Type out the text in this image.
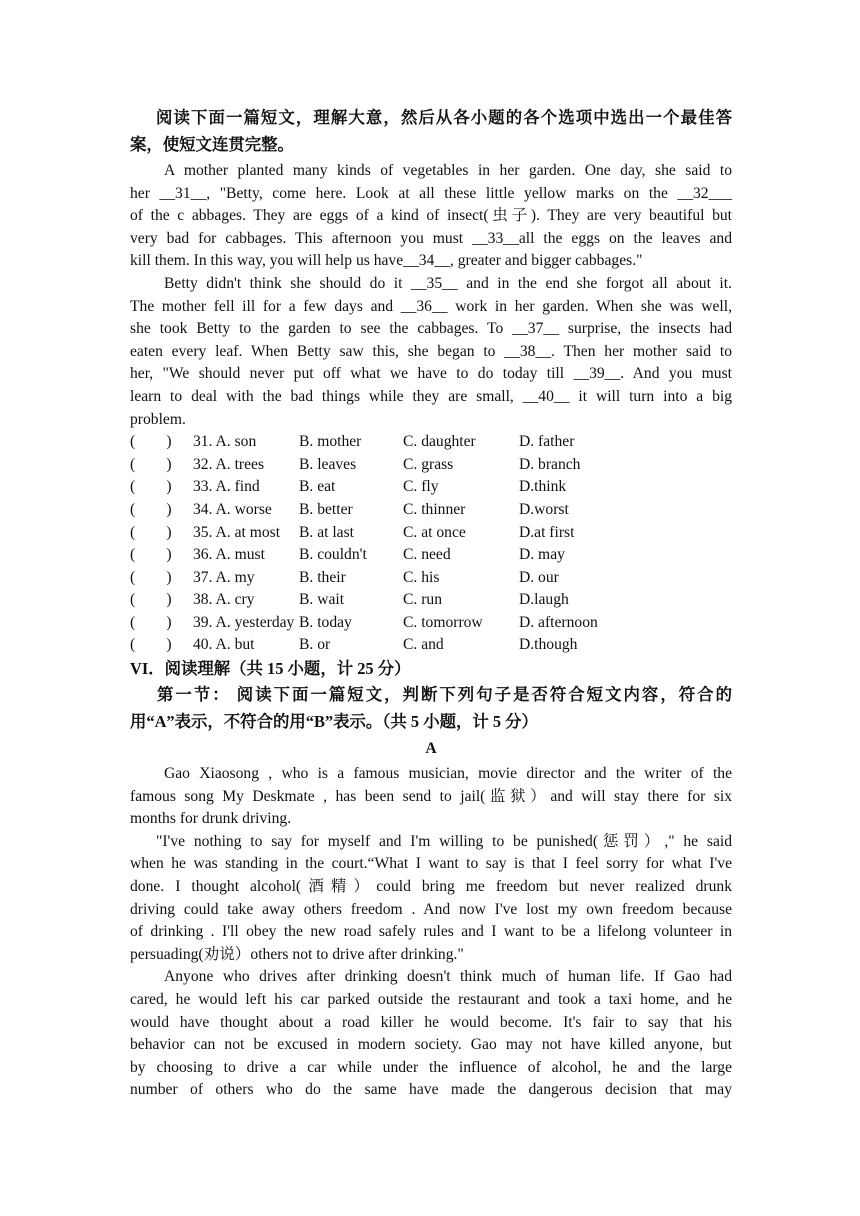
阅读下面一篇短文，理解大意，然后从各小题的各个选项中选出一个最佳答
案，使短文连贯完整。
A mother planted many kinds of vegetables in her garden. One day, she said to
her __31__, "Betty, come here. Look at all these little yellow marks on the __32___
of the c abbages. They are eggs of a kind of insect(虫子). They are very beautiful but
very bad for cabbages. This afternoon you must __33__all the eggs on the leaves and
kill them. In this way, you will help us have__34__, greater and bigger cabbages."
Betty didn't think she should do it __35__ and in the end she forgot all about it.
The mother fell ill for a few days and __36__ work in her garden. When she was well,
she took Betty to the garden to see the cabbages. To __37__ surprise, the insects had
eaten every leaf. When Betty saw this, she began to __38__. Then her mother said to
her, "We should never put off what we have to do today till __39__. And you must
learn to deal with the bad things while they are small, __40__ it will turn into a big
problem.
(　　)	31. A. son	B. mother	C. daughter	D. father
(　　)	32. A. trees	B. leaves	C. grass	D. branch
(　　)	33. A. find	B. eat	C. fly	D.think
(　　)	34. A. worse	B. better	C. thinner	D.worst
(　　)	35. A. at most	B. at last	C. at once	D.at first
(　　)	36. A. must	B. couldn't	C. need	D. may
(　　)	37. A. my	B. their	C. his	D. our
(　　)	38. A. cry	B. wait	C. run	D.laugh
(　　)	39. A. yesterday B. today	C. tomorrow	D. afternoon
(　　)	40. A. but	B. or	C. and	D.though
VI．阅读理解（共 15 小题，计 25 分）
第一节： 阅读下面一篇短文，判断下列句子是否符合短文内容，符合的
用“A”表示，不符合的用“B”表示。（共 5 小题，计 5 分）
A
Gao Xiaosong , who is a famous musician, movie director and the writer of the
famous song My Deskmate , has been send to jail(监狱）and will stay there for six
months for drunk driving.
"I've nothing to say for myself and I'm willing to be punished(惩罚）," he said
when he was standing in the court.“What I want to say is that I feel sorry for what I've
done. I thought alcohol(酒精）could bring me freedom but never realized drunk
driving could take away others freedom . And now I've lost my own freedom because
of drinking . I'll obey the new road safely rules and I want to be a lifelong volunteer in
persuading(劝说）others not to drive after drinking."
Anyone who drives after drinking doesn't think much of human life. If Gao had
cared, he would left his car parked outside the restaurant and took a taxi home, and he
would have thought about a road killer he would become. It's fair to say that his
behavior can not be excused in modern society. Gao may not have killed anyone, but
by choosing to drive a car while under the influence of alcohol, he and the large
number of others who do the same have made the dangerous decision that may
